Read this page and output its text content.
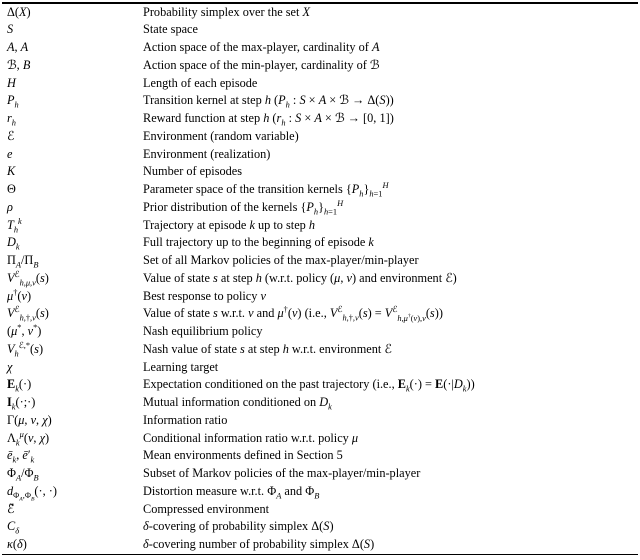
Δ(X)	Probability simplex over the set X
S	State space
A, A	Action space of the max-player, cardinality of A
ℬ, B	Action space of the min-player, cardinality of ℬ
H	Length of each episode
$P_h$	Transition kernel at step h ($P_h$ : S × A × ℬ → Δ(S))
$r_h$	Reward function at step h ($r_h$ : S × A × ℬ → [0, 1])
ℰ	Environment (random variable)
e	Environment (realization)
K	Number of episodes
Θ	Parameter space of the transition kernels $\{P_h\}_{h=1}^H$
ρ	Prior distribution of the kernels $\{P_h\}_{h=1}^H$
$T_h^k$	Trajectory at episode k up to step h
$D_k$	Full trajectory up to the beginning of episode k
$\Pi_A/\Pi_B$	Set of all Markov policies of the max-player/min-player
$V^ℰ_{h,\mu,\nu}(s)$	Value of state s at step h (w.r.t. policy (μ, ν) and environment ℰ)
μ†(ν)	Best response to policy ν
$V^ℰ_{h,\dagger,\nu}(s)$	Value of state s w.r.t. ν and μ†(ν) (i.e., $V^ℰ_{h,\dagger,\nu}(s) = V^ℰ_{h,\mu^\dagger(\nu),\nu}(s)$)
(μ*, ν*)	Nash equilibrium policy
$V_h^{ℰ,*}(s)$	Nash value of state s at step h w.r.t. environment ℰ
χ	Learning target
$E_k(\cdot)$	Expectation conditioned on the past trajectory (i.e., $E_k(\cdot) = E(\cdot|D_k)$)
$I_k(\cdot;\cdot)$	Mutual information conditioned on $D_k$
Γ(μ, ν, χ)	Information ratio
$\Lambda_k^\mu(\nu$, χ)	Conditional information ratio w.r.t. policy μ
$ē_k$, $ē'_k$	Mean environments defined in Section 5
$\Phi_A/\Phi_B$	Subset of Markov policies of the max-player/min-player
$d_{\Phi_A,\Phi_B}(\cdot$, ·)	Distortion measure w.r.t. $\Phi_A$ and $\Phi_B$
ℰ̃	Compressed environment
$C_\delta$	δ-covering of probability simplex Δ(S)
κ(δ)	δ-covering number of probability simplex Δ(S)
